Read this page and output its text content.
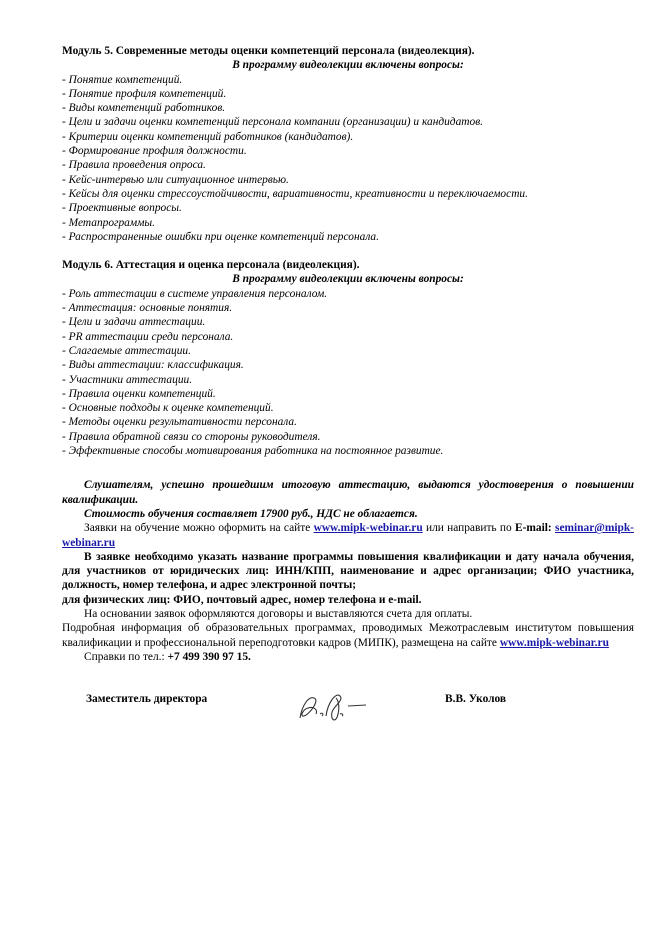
Модуль 5. Современные методы оценки компетенций персонала (видеолекция).

В программу видеолекции включены вопросы:

- Понятие компетенций.
- Понятие профиля компетенций.
- Виды компетенций работников.
- Цели и задачи оценки компетенций персонала компании (организации) и кандидатов.
- Критерии оценки компетенций работников (кандидатов).
- Формирование профиля должности.
- Правила проведения опроса.
- Кейс-интервью или ситуационное интервью.
- Кейсы для оценки стрессоустойчивости, вариативности, креативности и переключаемости.
- Проективные вопросы.
- Метапрограммы.
- Распространенные ошибки при оценке компетенций персонала.

Модуль 6. Аттестация и оценка персонала (видеолекция).

В программу видеолекции включены вопросы:

- Роль аттестации в системе управления персоналом.
- Аттестация: основные понятия.
- Цели и задачи аттестации.
- PR аттестации среди персонала.
- Слагаемые аттестации.
- Виды аттестации: классификация.
- Участники аттестации.
- Правила оценки компетенций.
- Основные подходы к оценке компетенций.
- Методы оценки результативности персонала.
- Правила обратной связи со стороны руководителя.
- Эффективные способы мотивирования работника на постоянное развитие.

Слушателям, успешно прошедшим итоговую аттестацию, выдаются удостоверения о повышении квалификации.

Стоимость обучения составляет 17900 руб., НДС не облагается.

Заявки на обучение можно оформить на сайте www.mipk-webinar.ru или направить по E-mail: seminar@mipk-webinar.ru

В заявке необходимо указать название программы повышения квалификации и дату начала обучения, для участников от юридических лиц: ИНН/КПП, наименование и адрес организации; ФИО участника, должность, номер телефона, и адрес электронной почты;

для физических лиц: ФИО, почтовый адрес, номер телефона и e-mail.

На основании заявок оформляются договоры и выставляются счета для оплаты.

Подробная информация об образовательных программах, проводимых Межотраслевым институтом повышения квалификации и профессиональной переподготовки кадров (МИПК), размещена на сайте www.mipk-webinar.ru

Справки по тел.: +7 499 390 97 15.

Заместитель директора	В.В. Уколов
